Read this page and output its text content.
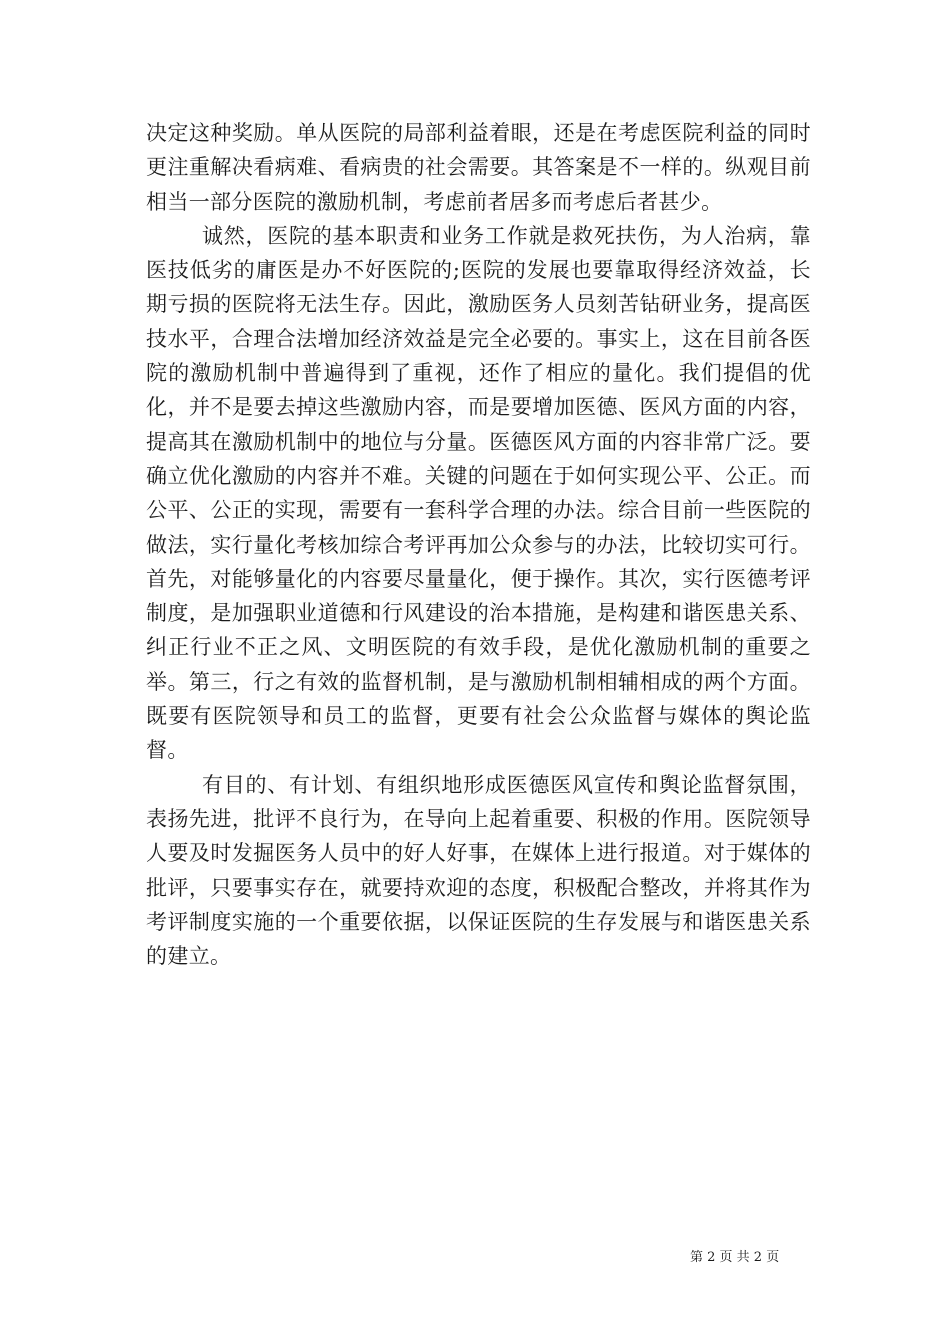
决定这种奖励。单从医院的局部利益着眼，还是在考虑医院利益的同时更注重解决看病难、看病贵的社会需要。其答案是不一样的。纵观目前相当一部分医院的激励机制，考虑前者居多而考虑后者甚少。

诚然，医院的基本职责和业务工作就是救死扶伤，为人治病，靠医技低劣的庸医是办不好医院的;医院的发展也要靠取得经济效益，长期亏损的医院将无法生存。因此，激励医务人员刻苦钻研业务，提高医技水平，合理合法增加经济效益是完全必要的。事实上，这在目前各医院的激励机制中普遍得到了重视，还作了相应的量化。我们提倡的优化，并不是要去掉这些激励内容，而是要增加医德、医风方面的内容，提高其在激励机制中的地位与分量。医德医风方面的内容非常广泛。要确立优化激励的内容并不难。关键的问题在于如何实现公平、公正。而公平、公正的实现，需要有一套科学合理的办法。综合目前一些医院的做法，实行量化考核加综合考评再加公众参与的办法，比较切实可行。首先，对能够量化的内容要尽量量化，便于操作。其次，实行医德考评制度，是加强职业道德和行风建设的治本措施，是构建和谐医患关系、纠正行业不正之风、文明医院的有效手段，是优化激励机制的重要之举。第三，行之有效的监督机制，是与激励机制相辅相成的两个方面。既要有医院领导和员工的监督，更要有社会公众监督与媒体的舆论监督。

有目的、有计划、有组织地形成医德医风宣传和舆论监督氛围，表扬先进，批评不良行为，在导向上起着重要、积极的作用。医院领导人要及时发掘医务人员中的好人好事，在媒体上进行报道。对于媒体的批评，只要事实存在，就要持欢迎的态度，积极配合整改，并将其作为考评制度实施的一个重要依据，以保证医院的生存发展与和谐医患关系的建立。

第 2 页 共 2 页
